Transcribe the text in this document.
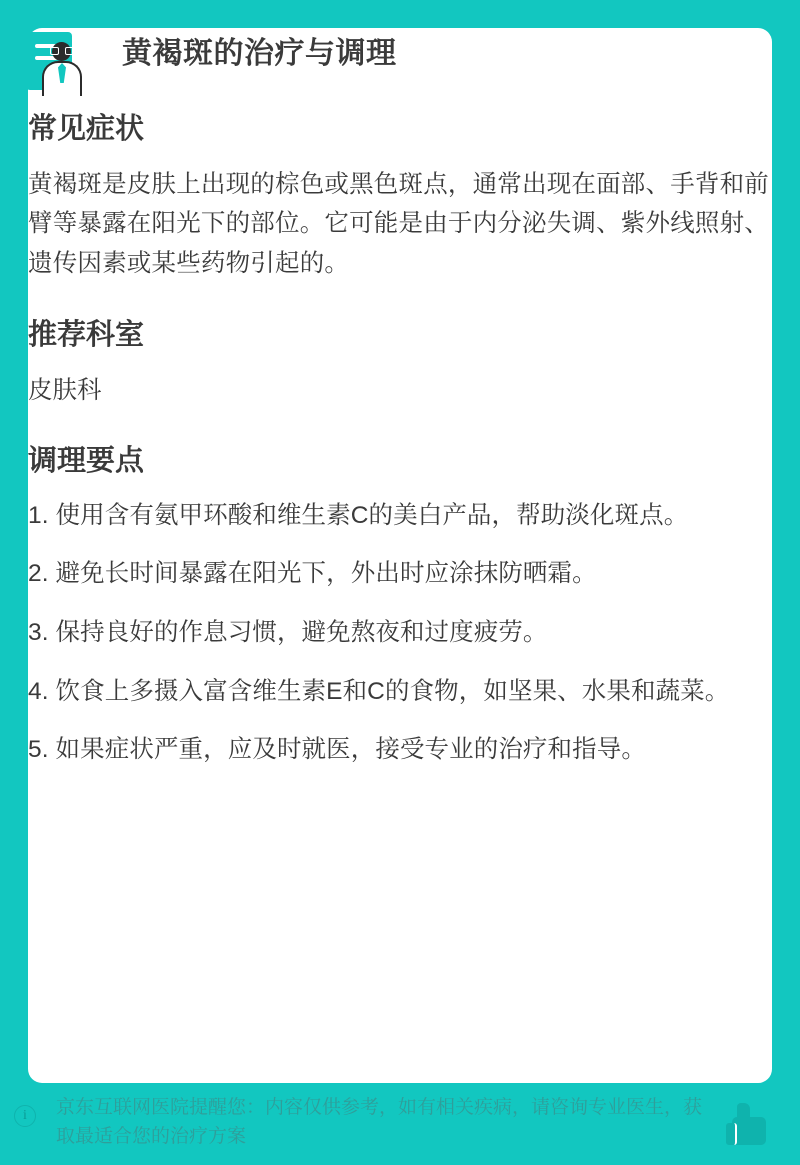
黄褐斑的治疗与调理
常见症状

黄褐斑是皮肤上出现的棕色或黑色斑点，通常出现在面部、手背和前臂等暴露在阳光下的部位。它可能是由于内分泌失调、紫外线照射、遗传因素或某些药物引起的。

推荐科室

皮肤科

调理要点
1. 使用含有氨甲环酸和维生素C的美白产品，帮助淡化斑点。
2. 避免长时间暴露在阳光下，外出时应涂抹防晒霜。
3. 保持良好的作息习惯，避免熬夜和过度疲劳。
4. 饮食上多摄入富含维生素E和C的食物，如坚果、水果和蔬菜。
5. 如果症状严重，应及时就医，接受专业的治疗和指导。
i	京东互联网医院提醒您：内容仅供参考，如有相关疾病，请咨询专业医生，获取最适合您的治疗方案
